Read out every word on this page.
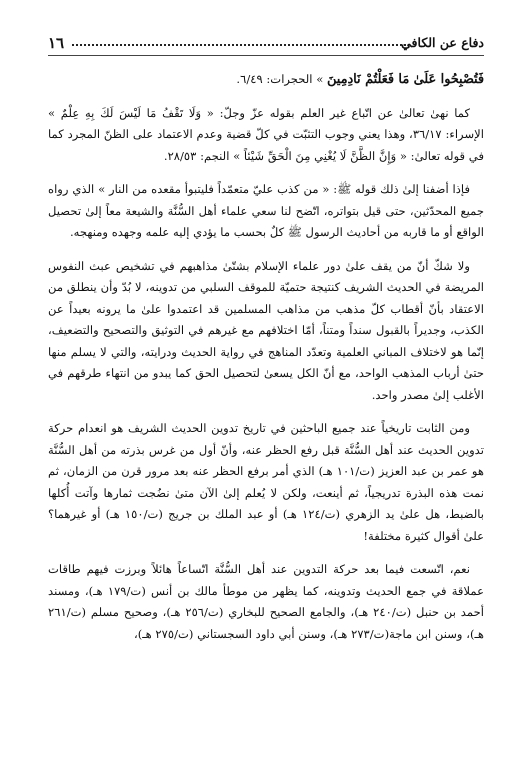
دفاع عن الكافي
١٦

فَتُصْبِحُوا عَلَىٰ مَا فَعَلْتُمْ نَادِمِينَ » الحجرات: ٦/٤٩.

كما نهىٰ تعالىٰ عن اتّباع غير العلم بقوله عزّ وجلّ: « وَلَا تَقْفُ مَا لَيْسَ لَكَ بِهِ عِلْمٌ » الإسراء: ٣٦/١٧، وهذا يعني وجوب التثبّت في كلّ قضية وعدم الاعتماد على الظنّ المجرد كما في قوله تعالىٰ: « وَإِنَّ الظَّنَّ لَا يُغْنِي مِنَ الْحَقِّ شَيْئاً » النجم: ٢٨/٥٣.

فإذا أضفنا إلىٰ ذلك قوله ﷺ: « من كذب عليّ متعمّداً فليتبوأ مقعده من النار » الذي رواه جميع المحدّثين، حتى قيل بتواتره، اتّضح لنا سعي علماء أهل السُّنَّة والشيعة معاً إلىٰ تحصيل الواقع أو ما قاربه من أحاديث الرسول ﷺ كلٌ بحسب ما يؤدي إليه علمه وجهده ومنهجه.

ولا شكّ أنّ من يقف علىٰ دور علماء الإسلام بشتّىٰ مذاهبهم في تشخيص عبث النفوس المريضة في الحديث الشريف كنتيجة حتميّة للموقف السلبي من تدوينه، لا بُدّ وأن ينطلق من الاعتقاد بأنّ أقطاب كلّ مذهب من مذاهب المسلمين قد اعتمدوا علىٰ ما يرونه بعيداً عن الكذب، وجديراً بالقبول سنداً ومتناً، أمّا اختلافهم مع غيرهم في التوثيق والتصحيح والتضعيف، إنّما هو لاختلاف المباني العلمية وتعدّد المناهج في رواية الحديث ودرايته، والتي لا يسلم منها حتىٰ أرباب المذهب الواحد، مع أنّ الكل يسعىٰ لتحصيل الحق كما يبدو من انتهاء طرقهم في الأغلب إلىٰ مصدر واحد.

ومن الثابت تاريخياً عند جميع الباحثين في تاريخ تدوين الحديث الشريف هو انعدام حركة تدوين الحديث عند أهل السُّنَّة قبل رفع الحظر عنه، وأنّ أول من غرس بذرته من أهل السُّنَّة هو عمر بن عبد العزيز (ت/١٠١ هـ) الذي أمر برفع الحظر عنه بعد مرور قرن من الزمان، ثم نمت هذه البذرة تدريجياً، ثم أينعت، ولكن لا يُعلم إلىٰ الآن متىٰ نضُجت ثمارها وآتت أُكلها بالضبط، هل علىٰ يد الزهري (ت/١٢٤ هـ) أو عبد الملك بن جريج (ت/١٥٠ هـ) أو غيرهما؟ علىٰ أقوال كثيرة مختلفة!

نعم، اتّسعت فيما بعد حركة التدوين عند أهل السُّنَّة اتّساعاً هائلاً وبرزت فيهم طاقات عملاقة في جمع الحديث وتدوينه، كما يظهر من موطأ مالك بن أنس (ت/١٧٩ هـ)، ومسند أحمد بن حنبل (ت/٢٤٠ هـ)، والجامع الصحيح للبخاري (ت/٢٥٦ هـ)، وصحيح مسلم (ت/٢٦١ هـ)، وسنن ابن ماجة(ت/٢٧٣ هـ)، وسنن أبي داود السجستاني (ت/٢٧٥ هـ)،
